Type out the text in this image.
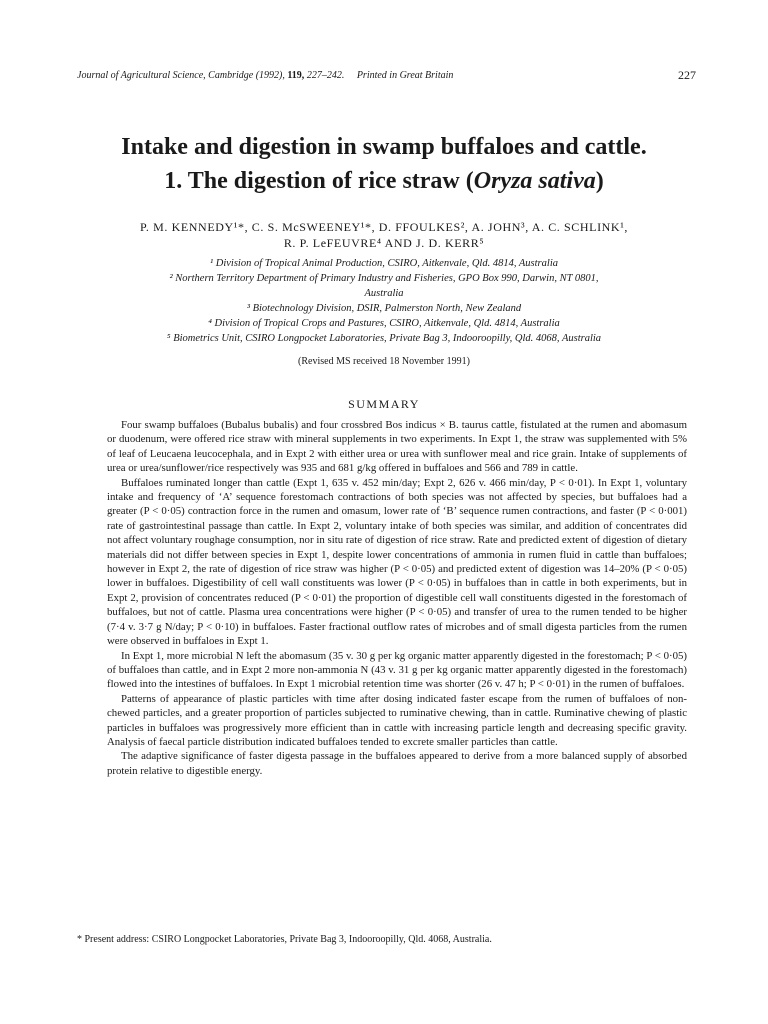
Journal of Agricultural Science, Cambridge (1992), 119, 227–242. Printed in Great Britain	227
Intake and digestion in swamp buffaloes and cattle.
1. The digestion of rice straw (Oryza sativa)
P. M. KENNEDY¹*, C. S. McSWEENEY¹*, D. FFOULKES², A. JOHN³, A. C. SCHLINK¹,
R. P. LeFEUVRE⁴ AND J. D. KERR⁵
¹ Division of Tropical Animal Production, CSIRO, Aitkenvale, Qld. 4814, Australia
² Northern Territory Department of Primary Industry and Fisheries, GPO Box 990, Darwin, NT 0801,
Australia
³ Biotechnology Division, DSIR, Palmerston North, New Zealand
⁴ Division of Tropical Crops and Pastures, CSIRO, Aitkenvale, Qld. 4814, Australia
⁵ Biometrics Unit, CSIRO Longpocket Laboratories, Private Bag 3, Indooroopilly, Qld. 4068, Australia
(Revised MS received 18 November 1991)
SUMMARY

Four swamp buffaloes (Bubalus bubalis) and four crossbred Bos indicus × B. taurus cattle, fistulated at the rumen and abomasum or duodenum, were offered rice straw with mineral supplements in two experiments. In Expt 1, the straw was supplemented with 5% of leaf of Leucaena leucocephala, and in Expt 2 with either urea or urea with sunflower meal and rice grain. Intake of supplements of urea or urea/sunflower/rice respectively was 935 and 681 g/kg offered in buffaloes and 566 and 789 in cattle.

Buffaloes ruminated longer than cattle (Expt 1, 635 v. 452 min/day; Expt 2, 626 v. 466 min/day, P < 0·01). In Expt 1, voluntary intake and frequency of ‘A’ sequence forestomach contractions of both species was not affected by species, but buffaloes had a greater (P < 0·05) contraction force in the rumen and omasum, lower rate of ‘B’ sequence rumen contractions, and faster (P < 0·001) rate of gastrointestinal passage than cattle. In Expt 2, voluntary intake of both species was similar, and addition of concentrates did not affect voluntary roughage consumption, nor in situ rate of digestion of rice straw. Rate and predicted extent of digestion of dietary materials did not differ between species in Expt 1, despite lower concentrations of ammonia in rumen fluid in cattle than buffaloes; however in Expt 2, the rate of digestion of rice straw was higher (P < 0·05) and predicted extent of digestion was 14–20% (P < 0·05) lower in buffaloes. Digestibility of cell wall constituents was lower (P < 0·05) in buffaloes than in cattle in both experiments, but in Expt 2, provision of concentrates reduced (P < 0·01) the proportion of digestible cell wall constituents digested in the forestomach of buffaloes, but not of cattle. Plasma urea concentrations were higher (P < 0·05) and transfer of urea to the rumen tended to be higher (7·4 v. 3·7 g N/day; P < 0·10) in buffaloes. Faster fractional outflow rates of microbes and of small digesta particles from the rumen were observed in buffaloes in Expt 1.

In Expt 1, more microbial N left the abomasum (35 v. 30 g per kg organic matter apparently digested in the forestomach; P < 0·05) of buffaloes than cattle, and in Expt 2 more non-ammonia N (43 v. 31 g per kg organic matter apparently digested in the forestomach) flowed into the intestines of buffaloes. In Expt 1 microbial retention time was shorter (26 v. 47 h; P < 0·01) in the rumen of buffaloes.

Patterns of appearance of plastic particles with time after dosing indicated faster escape from the rumen of buffaloes of non-chewed particles, and a greater proportion of particles subjected to ruminative chewing, than in cattle. Ruminative chewing of plastic particles in buffaloes was progressively more efficient than in cattle with increasing particle length and decreasing specific gravity. Analysis of faecal particle distribution indicated buffaloes tended to excrete smaller particles than cattle.

The adaptive significance of faster digesta passage in the buffaloes appeared to derive from a more balanced supply of absorbed protein relative to digestible energy.

* Present address: CSIRO Longpocket Laboratories, Private Bag 3, Indooroopilly, Qld. 4068, Australia.
